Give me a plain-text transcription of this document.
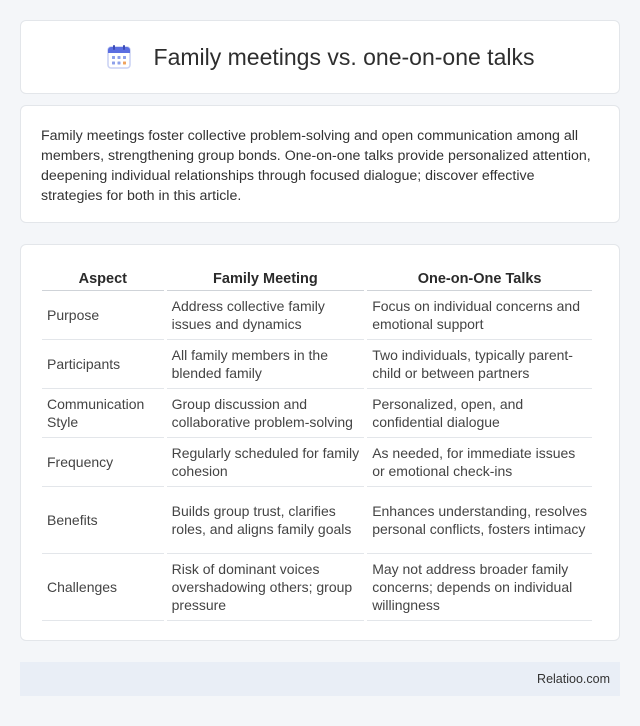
Family meetings vs. one-on-one talks

Family meetings foster collective problem-solving and open communication among all members, strengthening group bonds. One-on-one talks provide personalized attention, deepening individual relationships through focused dialogue; discover effective strategies for both in this article.

Aspect	Family Meeting	One-on-One Talks
Purpose	Address collective family issues and dynamics	Focus on individual concerns and emotional support
Participants	All family members in the blended family	Two individuals, typically parent-child or between partners
Communication Style	Group discussion and collaborative problem-solving	Personalized, open, and confidential dialogue
Frequency	Regularly scheduled for family cohesion	As needed, for immediate issues or emotional check-ins
Benefits	Builds group trust, clarifies roles, and aligns family goals	Enhances understanding, resolves personal conflicts, fosters intimacy
Challenges	Risk of dominant voices overshadowing others; group pressure	May not address broader family concerns; depends on individual willingness
Relatioo.com
